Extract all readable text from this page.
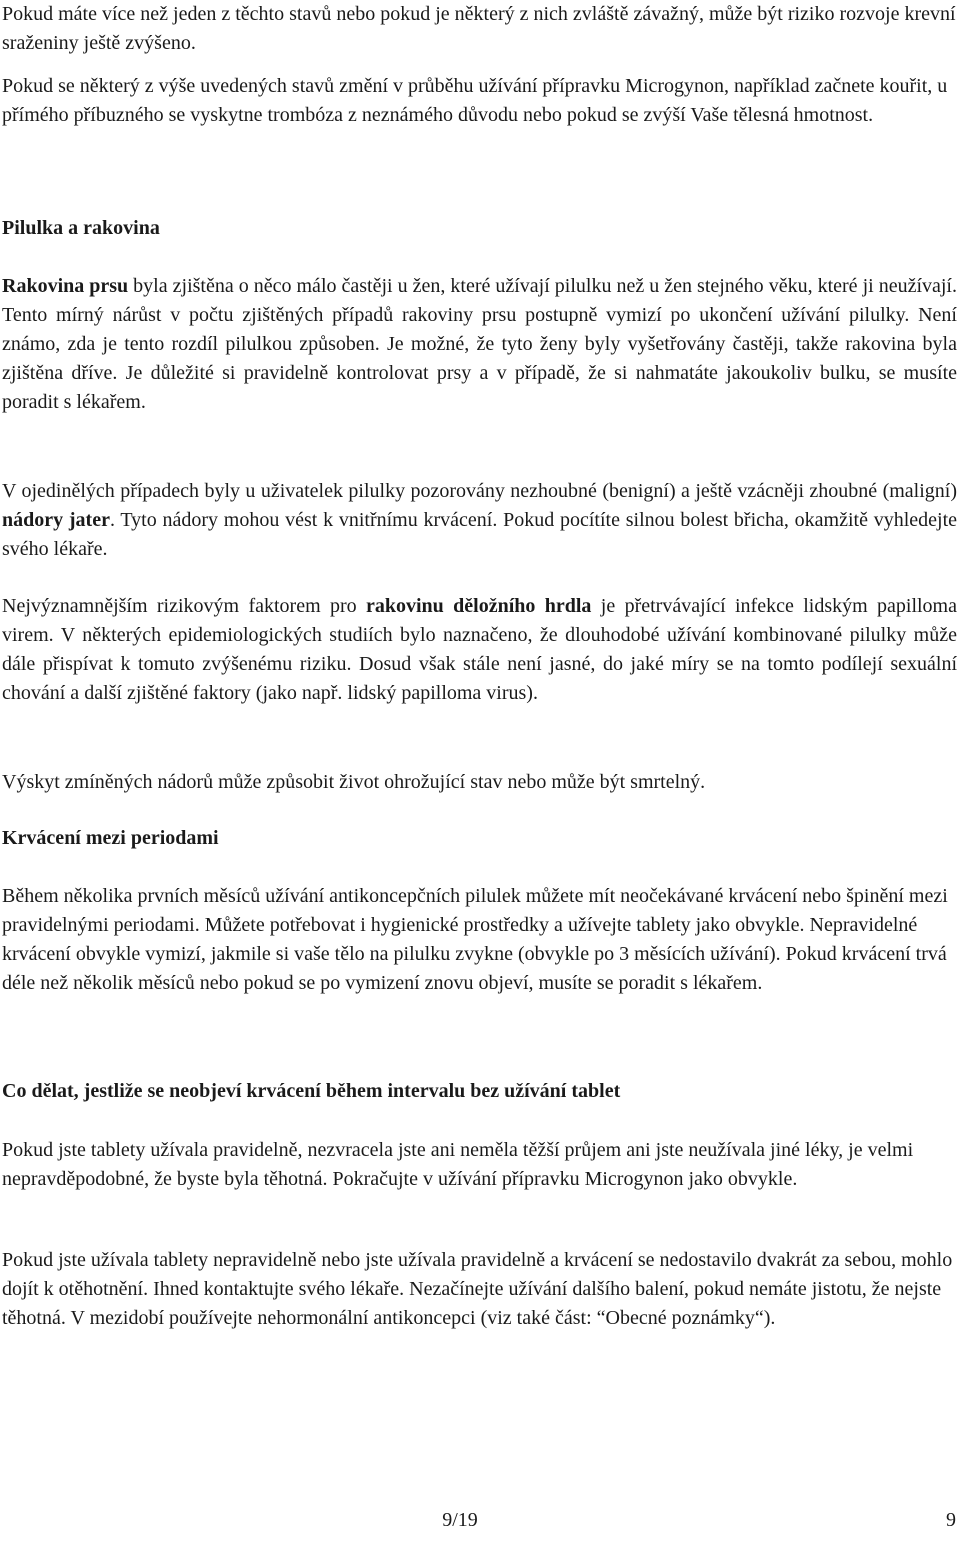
Pokud máte více než jeden z těchto stavů nebo pokud je některý z nich zvláště závažný, může být riziko rozvoje krevní sraženiny ještě zvýšeno.

Pokud se některý z výše uvedených stavů změní v průběhu užívání přípravku Microgynon, například začnete kouřit, u přímého příbuzného se vyskytne trombóza z neznámého důvodu nebo pokud se zvýší Vaše tělesná hmotnost.

Pilulka a rakovina

Rakovina prsu byla zjištěna o něco málo častěji u žen, které užívají pilulku než u žen stejného věku, které ji neužívají. Tento mírný nárůst v počtu zjištěných případů rakoviny prsu postupně vymizí po ukončení užívání pilulky. Není známo, zda je tento rozdíl pilulkou způsoben. Je možné, že tyto ženy byly vyšetřovány častěji, takže rakovina byla zjištěna dříve. Je důležité si pravidelně kontrolovat prsy a v případě, že si nahmatáte jakoukoliv bulku, se musíte poradit s lékařem.

V ojedinělých případech byly u uživatelek pilulky pozorovány nezhoubné (benigní) a ještě vzácněji zhoubné (maligní) nádory jater. Tyto nádory mohou vést k vnitřnímu krvácení. Pokud pocítíte silnou bolest břicha, okamžitě vyhledejte svého lékaře.

Nejvýznamnějším rizikovým faktorem pro rakovinu děložního hrdla je přetrvávající infekce lidským papilloma virem. V některých epidemiologických studiích bylo naznačeno, že dlouhodobé užívání kombinované pilulky může dále přispívat k tomuto zvýšenému riziku. Dosud však stále není jasné, do jaké míry se na tomto podílejí sexuální chování a další zjištěné faktory (jako např. lidský papilloma virus).

Výskyt zmíněných nádorů může způsobit život ohrožující stav nebo může být smrtelný.

Krvácení mezi periodami

Během několika prvních měsíců užívání antikoncepčních pilulek můžete mít neočekávané krvácení nebo špinění mezi pravidelnými periodami. Můžete potřebovat i hygienické prostředky a užívejte tablety jako obvykle. Nepravidelné krvácení obvykle vymizí, jakmile si vaše tělo na pilulku zvykne (obvykle po 3 měsících užívání). Pokud krvácení trvá déle než několik měsíců nebo pokud se po vymizení znovu objeví, musíte se poradit s lékařem.

Co dělat, jestliže se neobjeví krvácení během intervalu bez užívání tablet

Pokud jste tablety užívala pravidelně, nezvracela jste ani neměla těžší průjem ani jste neužívala jiné léky, je velmi nepravděpodobné, že byste byla těhotná. Pokračujte v užívání přípravku Microgynon jako obvykle.

Pokud jste užívala tablety nepravidelně nebo jste užívala pravidelně a krvácení se nedostavilo dvakrát za sebou, mohlo dojít k otěhotnění. Ihned kontaktujte svého lékaře. Nezačínejte užívání dalšího balení, pokud nemáte jistotu, že nejste těhotná. V mezidobí používejte nehormonální antikoncepci (viz také část: “Obecné poznámky“).

9/19	9
